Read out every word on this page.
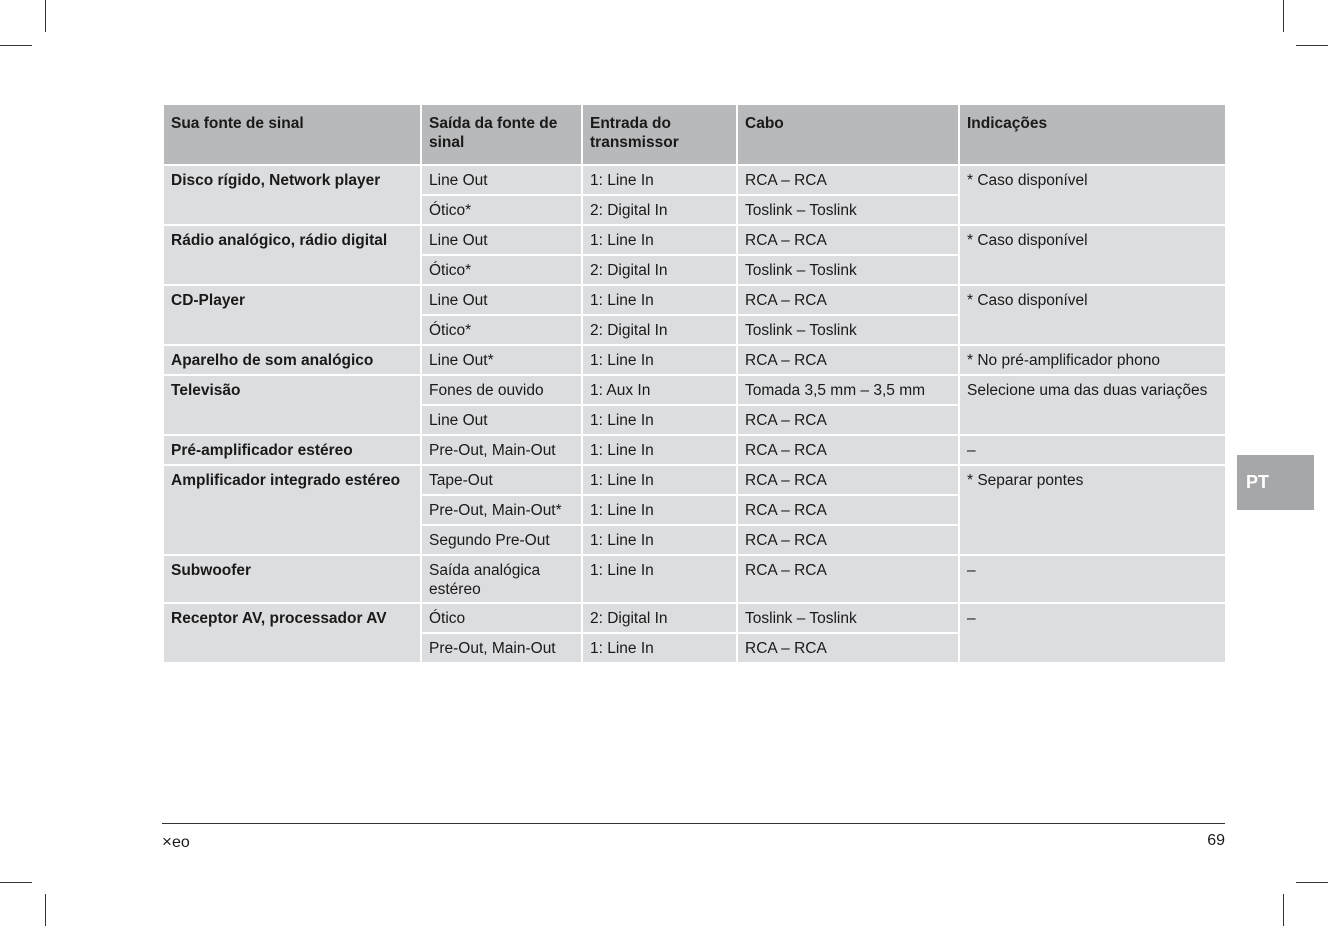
Sua fonte de sinal	Saída da fonte de sinal	Entrada do transmissor	Cabo	Indicações
Disco rígido, Network player	Line Out	1: Line In	RCA – RCA	* Caso disponível
	Ótico*	2: Digital In	Toslink – Toslink	
Rádio analógico, rádio digital	Line Out	1: Line In	RCA – RCA	* Caso disponível
	Ótico*	2: Digital In	Toslink – Toslink	
CD-Player	Line Out	1: Line In	RCA – RCA	* Caso disponível
	Ótico*	2: Digital In	Toslink – Toslink	
Aparelho de som analógico	Line Out*	1: Line In	RCA – RCA	* No pré-amplificador phono
Televisão	Fones de ouvido	1: Aux In	Tomada 3,5 mm – 3,5 mm	Selecione uma das duas variações
	Line Out	1: Line In	RCA – RCA	
Pré-amplificador estéreo	Pre-Out, Main-Out	1: Line In	RCA – RCA	–
Amplificador integrado estéreo	Tape-Out	1: Line In	RCA – RCA	* Separar pontes
	Pre-Out, Main-Out*	1: Line In	RCA – RCA	
	Segundo Pre-Out	1: Line In	RCA – RCA	
Subwoofer	Saída analógica estéreo	1: Line In	RCA – RCA	–
Receptor AV, processador AV	Ótico	2: Digital In	Toslink – Toslink	–
	Pre-Out, Main-Out	1: Line In	RCA – RCA	
PT
×eo	69
